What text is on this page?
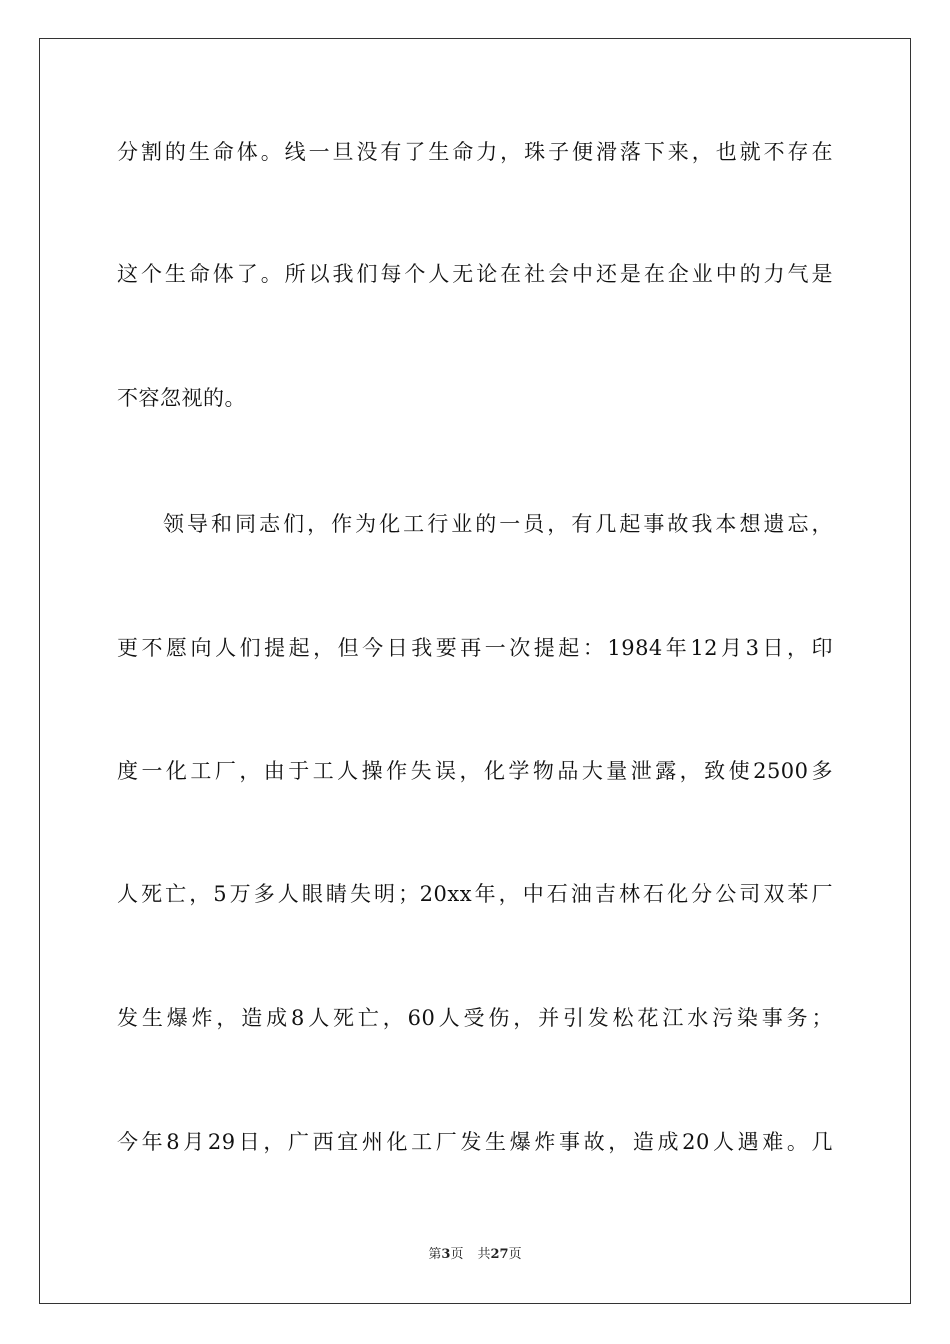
分割的生命体。线一旦没有了生命力，珠子便滑落下来，也就不存在
这个生命体了。所以我们每个人无论在社会中还是在企业中的力气是
不容忽视的。
领导和同志们，作为化工行业的一员，有几起事故我本想遗忘，
更不愿向人们提起，但今日我要再一次提起：1984年12月3日，印
度一化工厂，由于工人操作失误，化学物品大量泄露，致使2500多
人死亡，5万多人眼睛失明；20xx年，中石油吉林石化分公司双苯厂
发生爆炸，造成8人死亡，60人受伤，并引发松花江水污染事务；
今年8月29日，广西宜州化工厂发生爆炸事故，造成20人遇难。几
第3页 共27页
